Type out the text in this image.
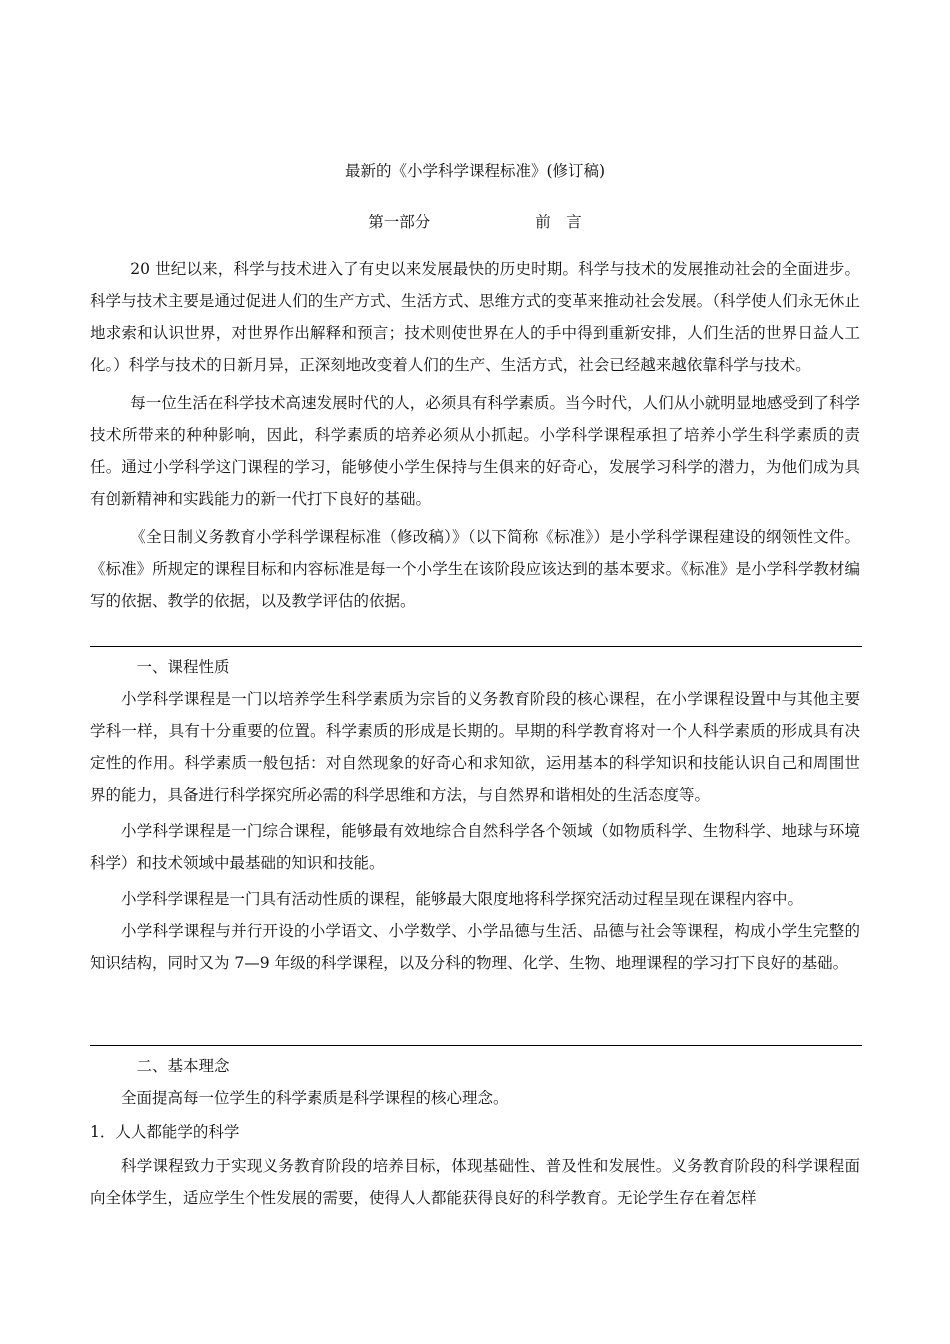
最新的《小学科学课程标准》(修订稿)
第一部分	前　言

20 世纪以来，科学与技术进入了有史以来发展最快的历史时期。科学与技术的发展推动社会的全面进步。科学与技术主要是通过促进人们的生产方式、生活方式、思维方式的变革来推动社会发展。（科学使人们永无休止地求索和认识世界，对世界作出解释和预言；技术则使世界在人的手中得到重新安排，人们生活的世界日益人工化。）科学与技术的日新月异，正深刻地改变着人们的生产、生活方式，社会已经越来越依靠科学与技术。

每一位生活在科学技术高速发展时代的人，必须具有科学素质。当今时代，人们从小就明显地感受到了科学技术所带来的种种影响，因此，科学素质的培养必须从小抓起。小学科学课程承担了培养小学生科学素质的责任。通过小学科学这门课程的学习，能够使小学生保持与生俱来的好奇心，发展学习科学的潜力，为他们成为具有创新精神和实践能力的新一代打下良好的基础。

《全日制义务教育小学科学课程标准（修改稿）》（以下简称《标准》）是小学科学课程建设的纲领性文件。《标准》所规定的课程目标和内容标准是每一个小学生在该阶段应该达到的基本要求。《标准》是小学科学教材编写的依据、教学的依据，以及教学评估的依据。

一、课程性质

小学科学课程是一门以培养学生科学素质为宗旨的义务教育阶段的核心课程，在小学课程设置中与其他主要学科一样，具有十分重要的位置。科学素质的形成是长期的。早期的科学教育将对一个人科学素质的形成具有决定性的作用。科学素质一般包括：对自然现象的好奇心和求知欲，运用基本的科学知识和技能认识自己和周围世界的能力，具备进行科学探究所必需的科学思维和方法，与自然界和谐相处的生活态度等。

小学科学课程是一门综合课程，能够最有效地综合自然科学各个领域（如物质科学、生物科学、地球与环境科学）和技术领域中最基础的知识和技能。

小学科学课程是一门具有活动性质的课程，能够最大限度地将科学探究活动过程呈现在课程内容中。

小学科学课程与并行开设的小学语文、小学数学、小学品德与生活、品德与社会等课程，构成小学生完整的知识结构，同时又为 7—9 年级的科学课程，以及分科的物理、化学、生物、地理课程的学习打下良好的基础。

二、基本理念

全面提高每一位学生的科学素质是科学课程的核心理念。

1．人人都能学的科学

科学课程致力于实现义务教育阶段的培养目标，体现基础性、普及性和发展性。义务教育阶段的科学课程面向全体学生，适应学生个性发展的需要，使得人人都能获得良好的科学教育。无论学生存在着怎样
